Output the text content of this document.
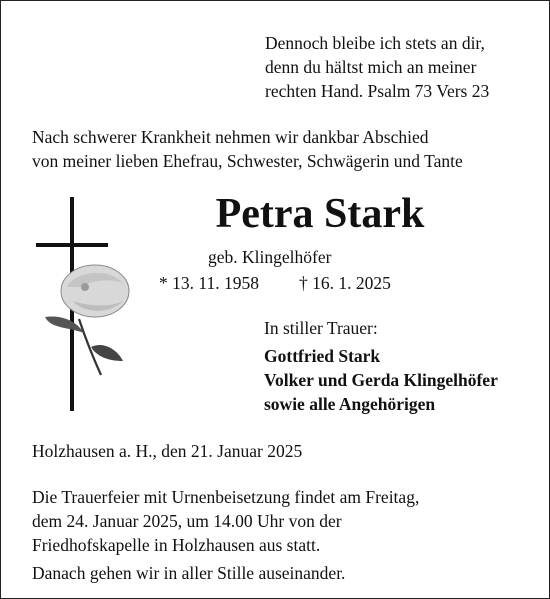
Dennoch bleibe ich stets an dir,
denn du hältst mich an meiner
rechten Hand. Psalm 73 Vers 23
Nach schwerer Krankheit nehmen wir dankbar Abschied
von meiner lieben Ehefrau, Schwester, Schwägerin und Tante
Petra Stark
geb. Klingelhöfer
* 13. 11. 1958 † 16. 1. 2025
In stiller Trauer:
Gottfried Stark
Volker und Gerda Klingelhöfer
sowie alle Angehörigen
Holzhausen a. H., den 21. Januar 2025
Die Trauerfeier mit Urnenbeisetzung findet am Freitag,
dem 24. Januar 2025, um 14.00 Uhr von der
Friedhofskapelle in Holzhausen aus statt.
Danach gehen wir in aller Stille auseinander.
